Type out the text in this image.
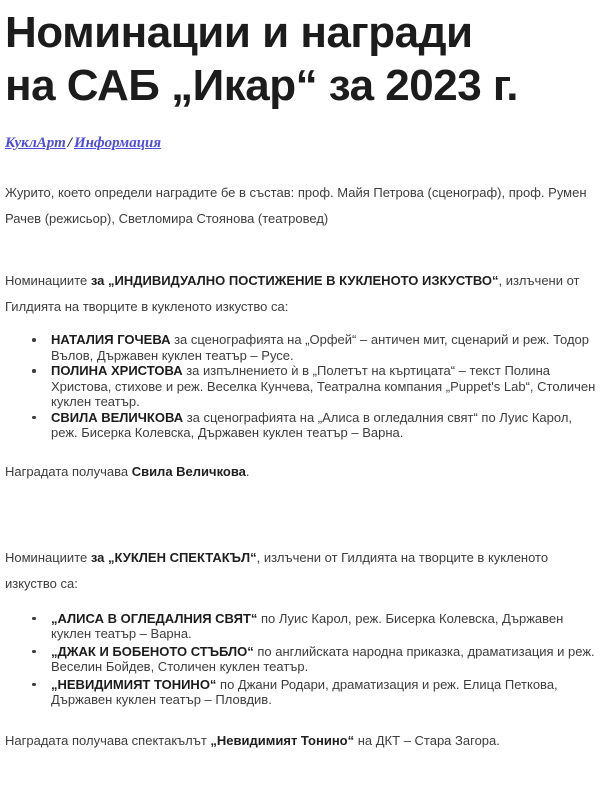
Номинации и награди
на САБ „Икар“ за 2023 г.
КуклАрт / Информация

Журито, което определи наградите бе в състав: проф. Майя Петрова (сценограф), проф. Румен Рачев (режисьор), Светломира Стоянова (театровед)

Номинациите за „ИНДИВИДУАЛНО ПОСТИЖЕНИЕ В КУКЛЕНОТО ИЗКУСТВО“, излъчени от Гилдията на творците в кукленото изкуство са:

НАТАЛИЯ ГОЧЕВА за сценографията на „Орфей“ – античен мит, сценарий и реж. Тодор Вълов, Държавен куклен театър – Русе.
ПОЛИНА ХРИСТОВА за изпълнението ѝ в „Полетът на къртицата“ – текст Полина Христова, стихове и реж. Веселка Кунчева, Театрална компания „Puppet's Lab“, Столичен куклен театър.
СВИЛА ВЕЛИЧКОВА за сценографията на „Алиса в огледалния свят“ по Луис Карол, реж. Бисерка Колевска, Държавен куклен театър – Варна.

Наградата получава Свила Величкова.

Номинациите за „КУКЛЕН СПЕКТАКЪЛ“, излъчени от Гилдията на творците в кукленото изкуство са:

„АЛИСА В ОГЛЕДАЛНИЯ СВЯТ“ по Луис Карол, реж. Бисерка Колевска, Държавен куклен театър – Варна.
„ДЖАК И БОБЕНОТО СТЪБЛО“ по английската народна приказка, драматизация и реж. Веселин Бойдев, Столичен куклен театър.
„НЕВИДИМИЯТ ТОНИНО“ по Джани Родари, драматизация и реж. Елица Петкова, Държавен куклен театър – Пловдив.

Наградата получава спектакълът „Невидимият Тонино“ на ДКТ – Стара Загора.
